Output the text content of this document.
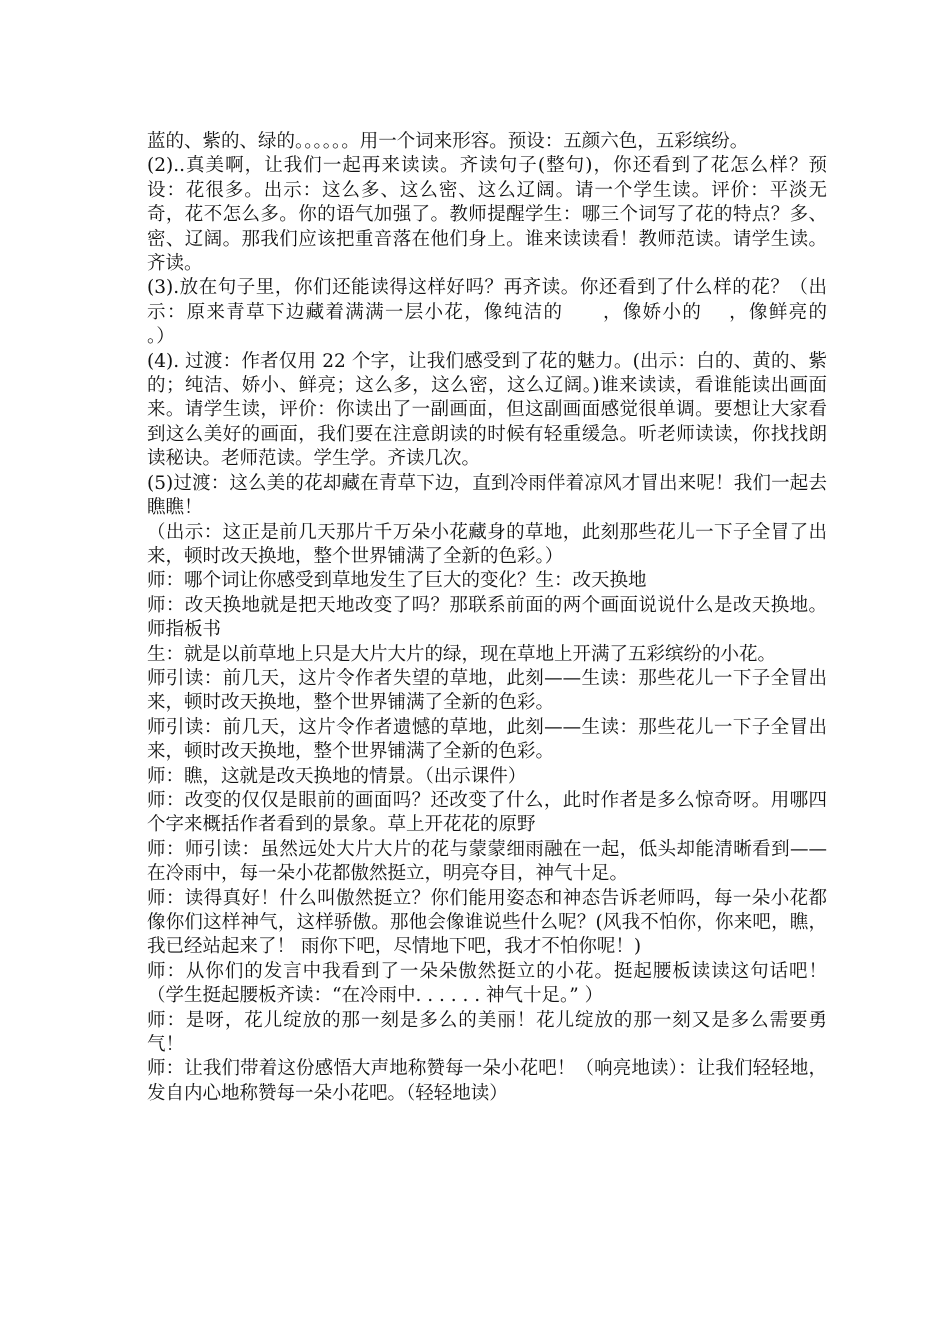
蓝的、紫的、绿的。。。。。。用一个词来形容。预设：五颜六色，五彩缤纷。

(2)..真美啊，让我们一起再来读读。齐读句子(整句)，你还看到了花怎么样？预设：花很多。出示：这么多、这么密、这么辽阔。请一个学生读。评价：平淡无奇，花不怎么多。你的语气加强了。教师提醒学生：哪三个词写了花的特点？多、密、辽阔。那我们应该把重音落在他们身上。谁来读读看！教师范读。请学生读。齐读。

(3).放在句子里，你们还能读得这样好吗？再齐读。你还看到了什么样的花？（出示：原来青草下边藏着满满一层小花，像纯洁的　　，像娇小的　 ，像鲜亮的　　。）

(4). 过渡：作者仅用 22 个字，让我们感受到了花的魅力。(出示：白的、黄的、紫的；纯洁、娇小、鲜亮；这么多，这么密，这么辽阔。)谁来读读，看谁能读出画面来。请学生读，评价：你读出了一副画面，但这副画面感觉很单调。要想让大家看到这么美好的画面，我们要在注意朗读的时候有轻重缓急。听老师读读，你找找朗读秘诀。老师范读。学生学。齐读几次。

(5)过渡：这么美的花却藏在青草下边，直到冷雨伴着凉风才冒出来呢！我们一起去瞧瞧！

（出示：这正是前几天那片千万朵小花藏身的草地，此刻那些花儿一下子全冒了出来，顿时改天换地，整个世界铺满了全新的色彩。）

师：哪个词让你感受到草地发生了巨大的变化？生：改天换地

师：改天换地就是把天地改变了吗？那联系前面的两个画面说说什么是改天换地。师指板书

生：就是以前草地上只是大片大片的绿，现在草地上开满了五彩缤纷的小花。

师引读：前几天，这片令作者失望的草地，此刻——生读：那些花儿一下子全冒出来，顿时改天换地，整个世界铺满了全新的色彩。

师引读：前几天，这片令作者遗憾的草地，此刻——生读：那些花儿一下子全冒出来，顿时改天换地，整个世界铺满了全新的色彩。

师：瞧，这就是改天换地的情景。（出示课件）

师：改变的仅仅是眼前的画面吗？还改变了什么，此时作者是多么惊奇呀。用哪四个字来概括作者看到的景象。草上开花花的原野

师：师引读：虽然远处大片大片的花与蒙蒙细雨融在一起，低头却能清晰看到——在冷雨中，每一朵小花都傲然挺立，明亮夺目，神气十足。

师：读得真好！什么叫傲然挺立？你们能用姿态和神态告诉老师吗，每一朵小花都像你们这样神气，这样骄傲。那他会像谁说些什么呢？(风我不怕你，你来吧，瞧，我已经站起来了！ 雨你下吧，尽情地下吧，我才不怕你呢！)

师：从你们的发言中我看到了一朵朵傲然挺立的小花。挺起腰板读读这句话吧！（学生挺起腰板齐读：“在冷雨中. . . . . . 神气十足。” ）

师：是呀，花儿绽放的那一刻是多么的美丽！花儿绽放的那一刻又是多么需要勇气！

师：让我们带着这份感悟大声地称赞每一朵小花吧！（响亮地读）：让我们轻轻地，发自内心地称赞每一朵小花吧。（轻轻地读）
